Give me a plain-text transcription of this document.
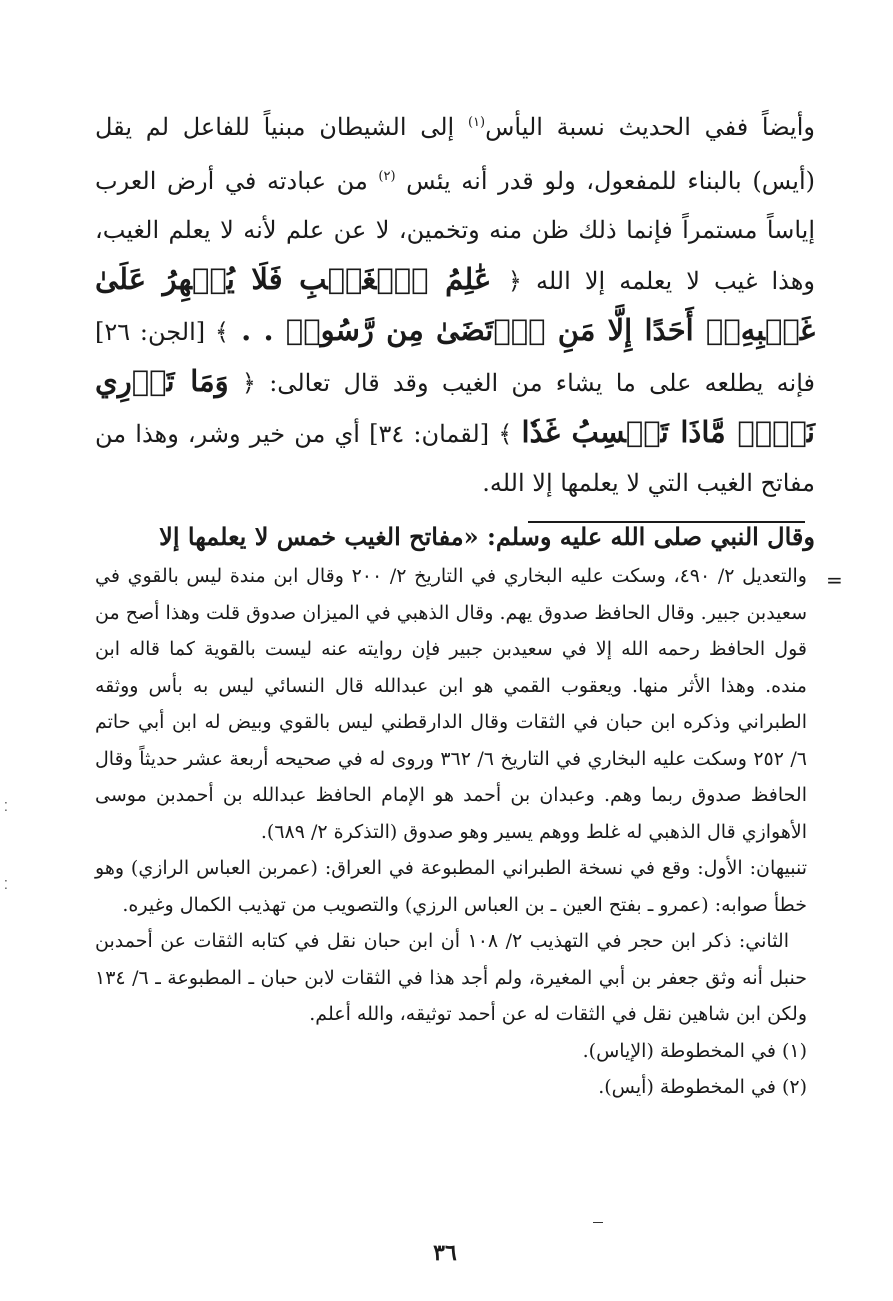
وأيضاً ففي الحديث نسبة اليأس$^{(١)}$ إلى الشيطان مبنياً للفاعل لم يقل (أيس) بالبناء للمفعول، ولو قدر أنه يئس $^{(٢)}$ من عبادته في أرض العرب إياساً مستمراً فإنما ذلك ظن منه وتخمين، لا عن علم لأنه لا يعلم الغيب، وهذا غيب لا يعلمه إلا الله ﴿ عَٰلِمُ ٱلۡغَيۡبِ فَلَا يُظۡهِرُ عَلَىٰ غَيۡبِهِۦٓ أَحَدًا إِلَّا مَنِ ٱرۡتَضَىٰ مِن رَّسُولٖ . . ﴾ [الجن: ٢٦] فإنه يطلعه على ما يشاء من الغيب وقد قال تعالى: ﴿ وَمَا تَدۡرِي نَفۡسٞ مَّاذَا تَكۡسِبُ غَدٗا ﴾ [لقمان: ٣٤] أي من خير وشر، وهذا من مفاتح الغيب التي لا يعلمها إلا الله.

وقال النبي صلى الله عليه وسلم: «مفاتح الغيب خمس لا يعلمها إلا

=

والتعديل ٢/ ٤٩٠، وسكت عليه البخاري في التاريخ ٢/ ٢٠٠ وقال ابن مندة ليس بالقوي في سعيدبن جبير. وقال الحافظ صدوق يهم. وقال الذهبي في الميزان صدوق قلت وهذا أصح من قول الحافظ رحمه الله إلا في سعيدبن جبير فإن روايته عنه ليست بالقوية كما قاله ابن منده. وهذا الأثر منها. ويعقوب القمي هو ابن عبدالله قال النسائي ليس به بأس ووثقه الطبراني وذكره ابن حبان في الثقات وقال الدارقطني ليس بالقوي وبيض له ابن أبي حاتم ٦/ ٢٥٢ وسكت عليه البخاري في التاريخ ٦/ ٣٦٢ وروى له في صحيحه أربعة عشر حديثاً وقال الحافظ صدوق ربما وهم. وعبدان بن أحمد هو الإمام الحافظ عبدالله بن أحمدبن موسى الأهوازي قال الذهبي له غلط ووهم يسير وهو صدوق (التذكرة ٢/ ٦٨٩).

تنبيهان: الأول: وقع في نسخة الطبراني المطبوعة في العراق: (عمربن العباس الرازي) وهو خطأ صوابه: (عمرو ـ بفتح العين ـ بن العباس الرزي) والتصويب من تهذيب الكمال وغيره.

الثاني: ذكر ابن حجر في التهذيب ٢/ ١٠٨ أن ابن حبان نقل في كتابه الثقات عن أحمدبن حنبل أنه وثق جعفر بن أبي المغيرة، ولم أجد هذا في الثقات لابن حبان ـ المطبوعة ـ ٦/ ١٣٤ ولكن ابن شاهين نقل في الثقات له عن أحمد توثيقه، والله أعلم.

(١) في المخطوطة (الإياس).

(٢) في المخطوطة (أيس).

⁚
⁚
٣٦
